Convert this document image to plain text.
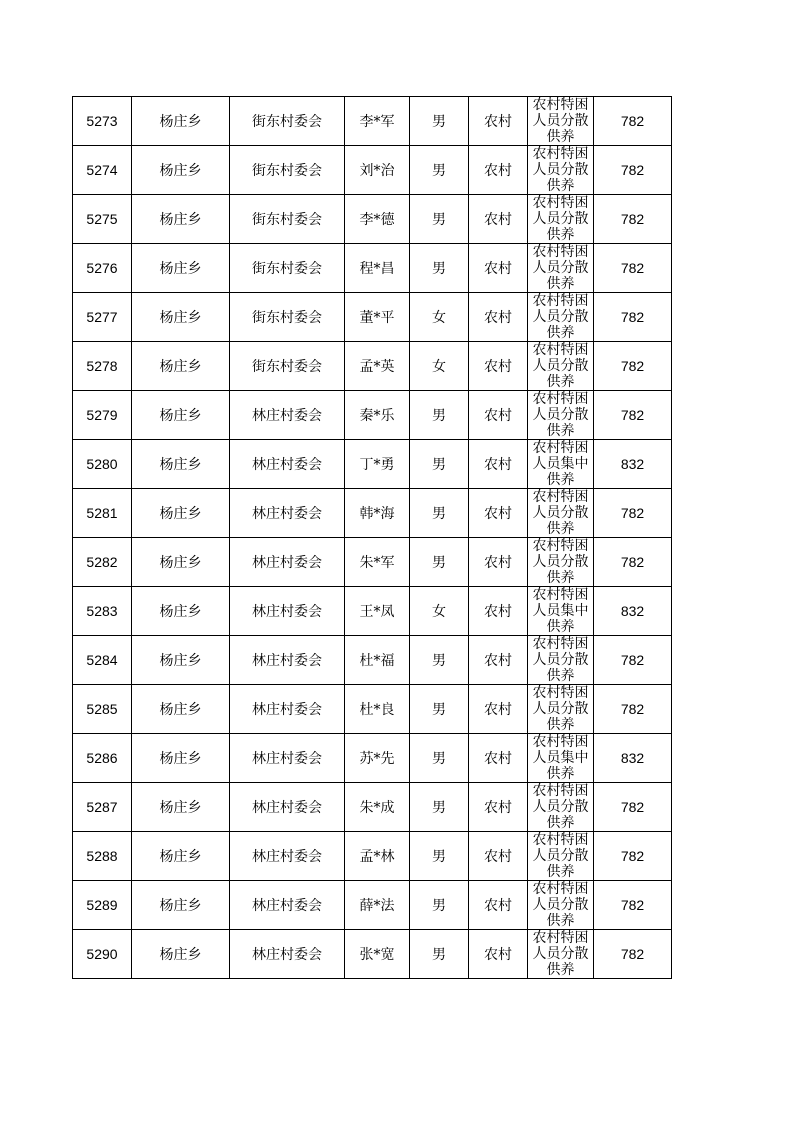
5273	杨庄乡	街东村委会	李*军	男	农村	农村特困人员分散供养	782
5274	杨庄乡	街东村委会	刘*治	男	农村	农村特困人员分散供养	782
5275	杨庄乡	街东村委会	李*德	男	农村	农村特困人员分散供养	782
5276	杨庄乡	街东村委会	程*昌	男	农村	农村特困人员分散供养	782
5277	杨庄乡	街东村委会	董*平	女	农村	农村特困人员分散供养	782
5278	杨庄乡	街东村委会	孟*英	女	农村	农村特困人员分散供养	782
5279	杨庄乡	林庄村委会	秦*乐	男	农村	农村特困人员分散供养	782
5280	杨庄乡	林庄村委会	丁*勇	男	农村	农村特困人员集中供养	832
5281	杨庄乡	林庄村委会	韩*海	男	农村	农村特困人员分散供养	782
5282	杨庄乡	林庄村委会	朱*军	男	农村	农村特困人员分散供养	782
5283	杨庄乡	林庄村委会	王*凤	女	农村	农村特困人员集中供养	832
5284	杨庄乡	林庄村委会	杜*福	男	农村	农村特困人员分散供养	782
5285	杨庄乡	林庄村委会	杜*良	男	农村	农村特困人员分散供养	782
5286	杨庄乡	林庄村委会	苏*先	男	农村	农村特困人员集中供养	832
5287	杨庄乡	林庄村委会	朱*成	男	农村	农村特困人员分散供养	782
5288	杨庄乡	林庄村委会	孟*林	男	农村	农村特困人员分散供养	782
5289	杨庄乡	林庄村委会	薛*法	男	农村	农村特困人员分散供养	782
5290	杨庄乡	林庄村委会	张*宽	男	农村	农村特困人员分散供养	782
